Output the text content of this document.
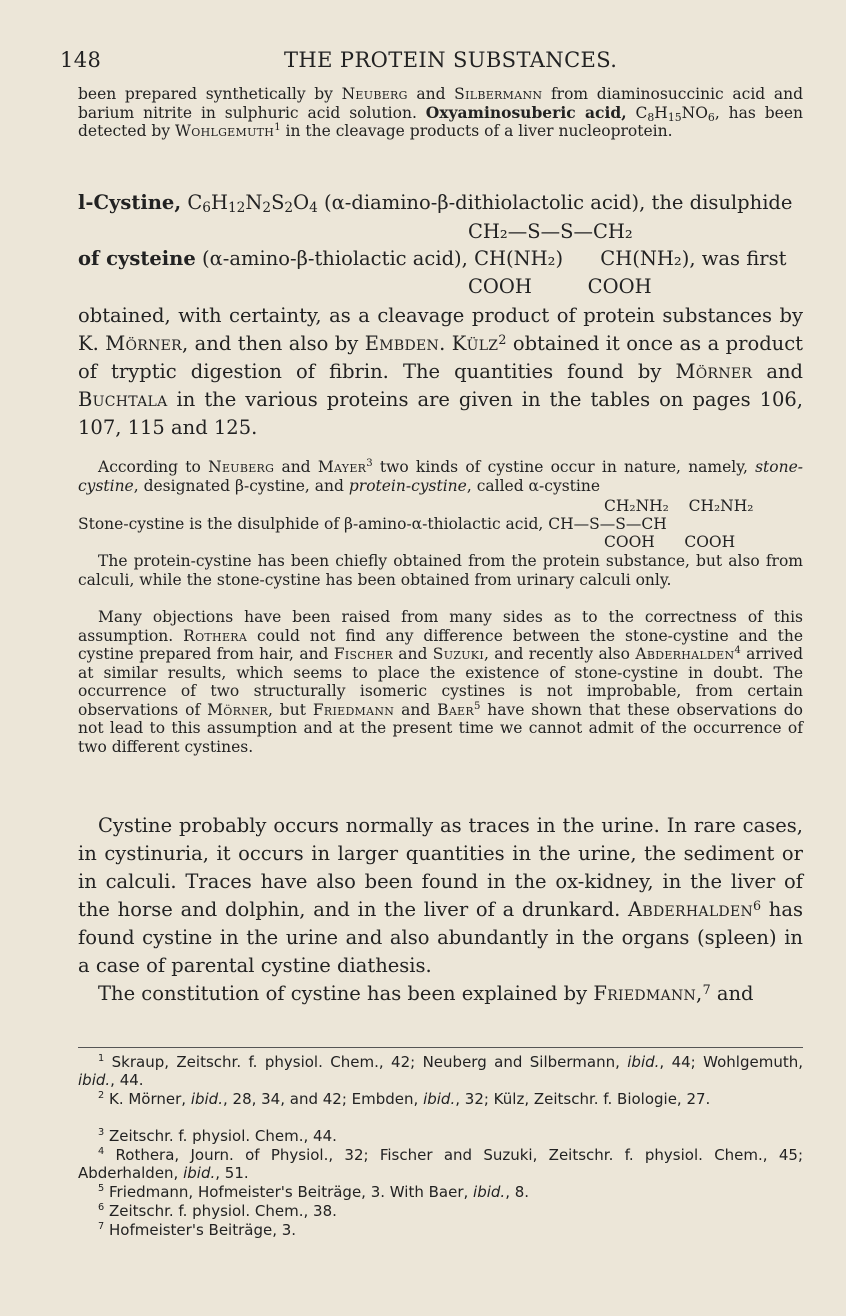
148	THE PROTEIN SUBSTANCES.

been prepared synthetically by Neuberg and Silbermann from diaminosuccinic acid and barium nitrite in sulphuric acid solution. Oxyaminosuberic acid, $C_8H_{15}NO_6$, has been detected by Wohlgemuth$^1$ in the cleavage products of a liver nucleoprotein.

l-Cystine, $C_6H_{12}N_2S_2O_4$ (α-diamino-β-dithiolactolic acid), the disulphide

CH₂—S—S—CH₂
of cysteine (α-amino-β-thiolactic acid), CH(NH₂)      CH(NH₂), was first
COOH         COOH

obtained, with certainty, as a cleavage product of protein substances by K. Mörner, and then also by Embden. Külz$^2$ obtained it once as a product of tryptic digestion of fibrin. The quantities found by Mörner and Buchtala in the various proteins are given in the tables on pages 106, 107, 115 and 125.

According to Neuberg and Mayer$^3$ two kinds of cystine occur in nature, namely, stone-cystine, designated β-cystine, and protein-cystine, called α-cystine

CH₂NH₂    CH₂NH₂
Stone-cystine is the disulphide of β-amino-α-thiolactic acid, CH—S—S—CH
COOH      COOH

The protein-cystine has been chiefly obtained from the protein substance, but also from calculi, while the stone-cystine has been obtained from urinary calculi only.

Many objections have been raised from many sides as to the correctness of this assumption. Rothera could not find any difference between the stone-cystine and the cystine prepared from hair, and Fischer and Suzuki, and recently also Abderhalden$^4$ arrived at similar results, which seems to place the existence of stone-cystine in doubt. The occurrence of two structurally isomeric cystines is not improbable, from certain observations of Mörner, but Friedmann and Baer$^5$ have shown that these observations do not lead to this assumption and at the present time we cannot admit of the occurrence of two different cystines.

Cystine probably occurs normally as traces in the urine. In rare cases, in cystinuria, it occurs in larger quantities in the urine, the sediment or in calculi. Traces have also been found in the ox-kidney, in the liver of the horse and dolphin, and in the liver of a drunkard. Abderhalden$^6$ has found cystine in the urine and also abundantly in the organs (spleen) in a case of parental cystine diathesis.
The constitution of cystine has been explained by Friedmann,$^7$ and

$^1$ Skraup, Zeitschr. f. physiol. Chem., 42; Neuberg and Silbermann, ibid., 44; Wohlgemuth, ibid., 44.

$^2$ K. Mörner, ibid., 28, 34, and 42; Embden, ibid., 32; Külz, Zeitschr. f. Biologie, 27.

$^3$ Zeitschr. f. physiol. Chem., 44.

$^4$ Rothera, Journ. of Physiol., 32; Fischer and Suzuki, Zeitschr. f. physiol. Chem., 45; Abderhalden, ibid., 51.

$^5$ Friedmann, Hofmeister's Beiträge, 3. With Baer, ibid., 8.

$^6$ Zeitschr. f. physiol. Chem., 38.

$^7$ Hofmeister's Beiträge, 3.
